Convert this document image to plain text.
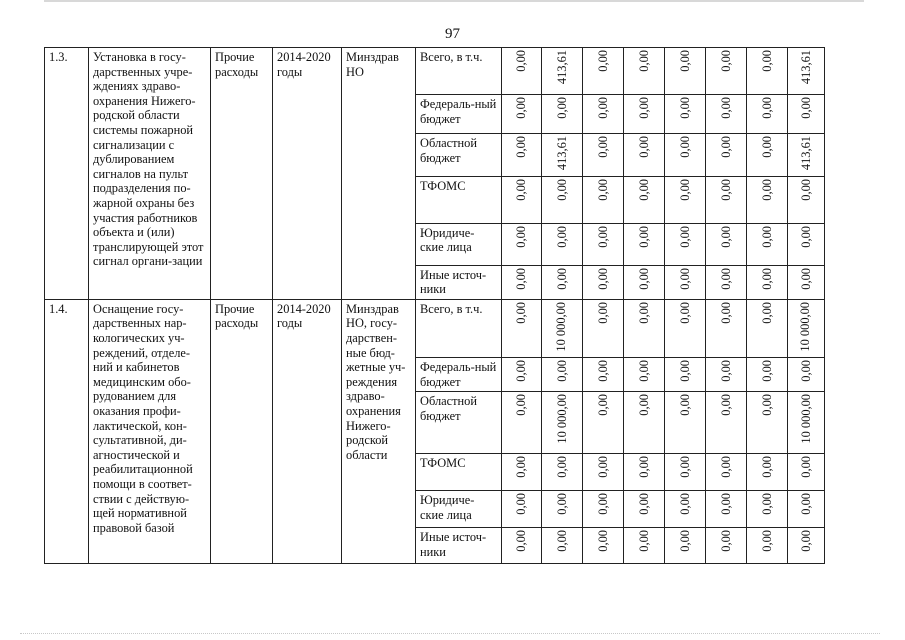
97
1.3.	Установка в госу-дарственных учре-ждениях здраво-охранения Нижего-родской области системы пожарной сигнализации с дублированием сигналов на пульт подразделения по-жарной охраны без участия работников объекта и (или) транслирующей этот сигнал органи-зации	Прочие расходы	2014-2020 годы	Минздрав НО	Всего, в т.ч.	0,00	413,61	0,00	0,00	0,00	0,00	0,00	413,61
					Федераль-ный бюджет	0,00	0,00	0,00	0,00	0,00	0,00	0,00	0,00
					Областной бюджет	0,00	413,61	0,00	0,00	0,00	0,00	0,00	413,61
					ТФОМС	0,00	0,00	0,00	0,00	0,00	0,00	0,00	0,00
					Юридиче-ские лица	0,00	0,00	0,00	0,00	0,00	0,00	0,00	0,00
					Иные источ-ники	0,00	0,00	0,00	0,00	0,00	0,00	0,00	0,00
1.4.	Оснащение госу-дарственных нар-кологических уч-реждений, отделе-ний и кабинетов медицинским обо-рудованием для оказания профи-лактической, кон-сультативной, ди-агностической и реабилитационной помощи в соответ-ствии с действую-щей нормативной правовой базой	Прочие расходы	2014-2020 годы	Минздрав НО, госу-дарствен-ные бюд-жетные уч-реждения здраво-охранения Нижего-родской области	Всего, в т.ч.	0,00	10 000,00	0,00	0,00	0,00	0,00	0,00	10 000,00
					Федераль-ный бюджет	0,00	0,00	0,00	0,00	0,00	0,00	0,00	0,00
					Областной бюджет	0,00	10 000,00	0,00	0,00	0,00	0,00	0,00	10 000,00
					ТФОМС	0,00	0,00	0,00	0,00	0,00	0,00	0,00	0,00
					Юридиче-ские лица	0,00	0,00	0,00	0,00	0,00	0,00	0,00	0,00
					Иные источ-ники	0,00	0,00	0,00	0,00	0,00	0,00	0,00	0,00
